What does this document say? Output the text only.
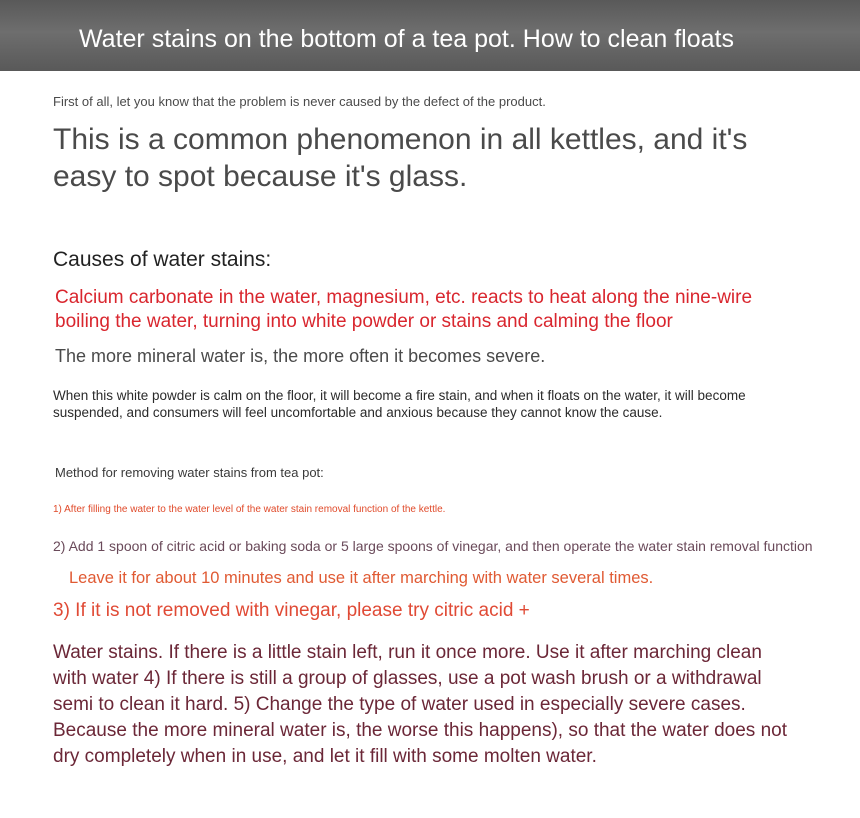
Water stains on the bottom of a tea pot. How to clean floats

First of all, let you know that the problem is never caused by the defect of the product.

This is a common phenomenon in all kettles, and it's easy to spot because it's glass.

Causes of water stains:

Calcium carbonate in the water, magnesium, etc. reacts to heat along the nine-wire boiling the water, turning into white powder or stains and calming the floor

The more mineral water is, the more often it becomes severe.

When this white powder is calm on the floor, it will become a fire stain, and when it floats on the water, it will become suspended, and consumers will feel uncomfortable and anxious because they cannot know the cause.

Method for removing water stains from tea pot:

1) After filling the water to the water level of the water stain removal function of the kettle.

2) Add 1 spoon of citric acid or baking soda or 5 large spoons of vinegar, and then operate the water stain removal function

Leave it for about 10 minutes and use it after marching with water several times.

3) If it is not removed with vinegar, please try citric acid +

Water stains. If there is a little stain left, run it once more. Use it after marching clean with water 4) If there is still a group of glasses, use a pot wash brush or a withdrawal semi to clean it hard. 5) Change the type of water used in especially severe cases. Because the more mineral water is, the worse this happens), so that the water does not dry completely when in use, and let it fill with some molten water.
